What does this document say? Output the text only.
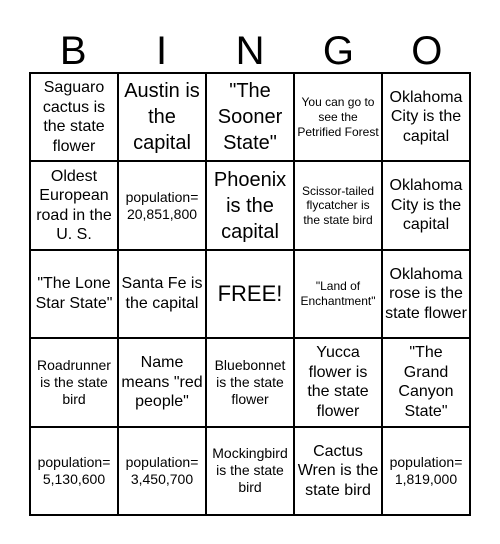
B	I	N	G	O
Saguaro cactus is the state flower
Austin is the capital
"The Sooner State"
You can go to see the Petrified Forest
Oklahoma City is the capital
Oldest European road in the U. S.
population= 20,851,800
Phoenix is the capital
Scissor-tailed flycatcher is the state bird
Oklahoma City is the capital
"The Lone Star State"
Santa Fe is the capital FREE!	"Land of Enchantment"
Oklahoma rose is the state flower
Roadrunner is the state bird
Name means "red people"
Bluebonnet is the state flower
Yucca flower is the state flower
"The Grand Canyon State"
population= 5,130,600
population= 3,450,700
Mockingbird is the state bird
Cactus Wren is the state bird
population= 1,819,000
